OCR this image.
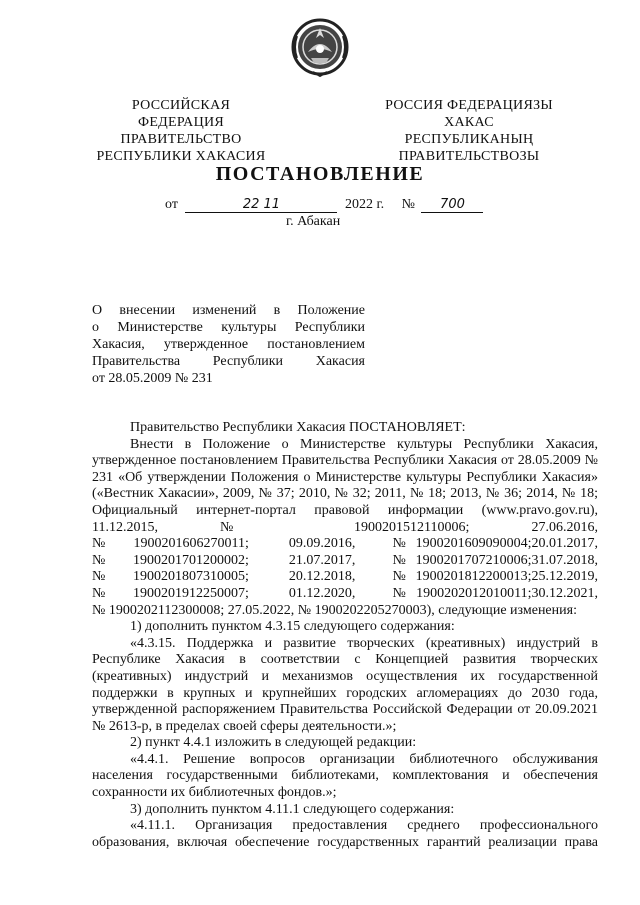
РОССИЙСКАЯ ФЕДЕРАЦИЯ
ПРАВИТЕЛЬСТВО
РЕСПУБЛИКИ ХАКАСИЯ
РОССИЯ ФЕДЕРАЦИЯЗЫ
ХАКАС РЕСПУБЛИКАНЫҢ
ПРАВИТЕЛЬСТВОЗЫ
ПОСТАНОВЛЕНИЕ
от	22 11	2022 г. № 700
г. Абакан
О внесении изменений в Положение
о Министерстве культуры Республики
Хакасия, утвержденное постановлением
Правительства Республики Хакасия
от 28.05.2009 № 231

Правительство Республики Хакасия ПОСТАНОВЛЯЕТ:

Внести в Положение о Министерстве культуры Республики Хакасия, утвержденное постановлением Правительства Республики Хакасия от 28.05.2009 № 231 «Об утверждении Положения о Министерстве культуры Республики Хакасия» («Вестник Хакасии», 2009, № 37; 2010, № 32; 2011, № 18; 2013, № 36; 2014, № 18; Официальный интернет-портал правовой информации (www.pravo.gov.ru), 11.12.2015, № 1900201512110006; 27.06.2016,

№	1900201606270011;	09.09.2016,	№	1900201609090004;	20.01.2017,
№	1900201701200002;	21.07.2017,	№	1900201707210006;	31.07.2018,
№	1900201807310005;	20.12.2018,	№	1900201812200013;	25.12.2019,
№	1900201912250007;	01.12.2020,	№	1900202012010011;	30.12.2021,

№ 1900202112300008; 27.05.2022, № 1900202205270003), следующие изменения:

1) дополнить пунктом 4.3.15 следующего содержания:

«4.3.15. Поддержка и развитие творческих (креативных) индустрий в Республике Хакасия в соответствии с Концепцией развития творческих (креативных) индустрий и механизмов осуществления их государственной поддержки в крупных и крупнейших городских агломерациях до 2030 года, утвержденной распоряжением Правительства Российской Федерации от 20.09.2021 № 2613-р, в пределах своей сферы деятельности.»;

2) пункт 4.4.1 изложить в следующей редакции:

«4.4.1. Решение вопросов организации библиотечного обслуживания населения государственными библиотеками, комплектования и обеспечения сохранности их библиотечных фондов.»;

3) дополнить пунктом 4.11.1 следующего содержания:

«4.11.1. Организация предоставления среднего профессионального образования, включая обеспечение государственных гарантий реализации права
